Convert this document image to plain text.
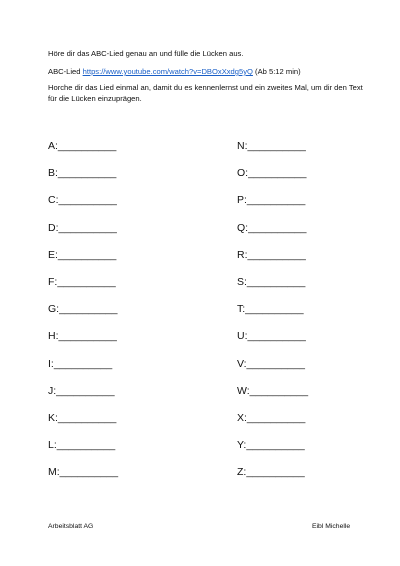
Höre dir das ABC-Lied genau an und fülle die Lücken aus.

ABC-Lied https://www.youtube.com/watch?v=DBOxXxdg5yQ (Ab 5:12 min)

Horche dir das Lied einmal an, damit du es kennenlernst und ein zweites Mal, um dir den Text für die Lücken einzuprägen.

A:__________
B:__________
C:__________
D:__________
E:__________
F:__________
G:__________
H:__________
I:__________
J:__________
K:__________
L:__________
M:__________
N:__________
O:__________
P:__________
Q:__________
R:__________
S:__________
T:__________
U:__________
V:__________
W:__________
X:__________
Y:__________
Z:__________
Arbeitsblatt AG	Eibl Michelle
